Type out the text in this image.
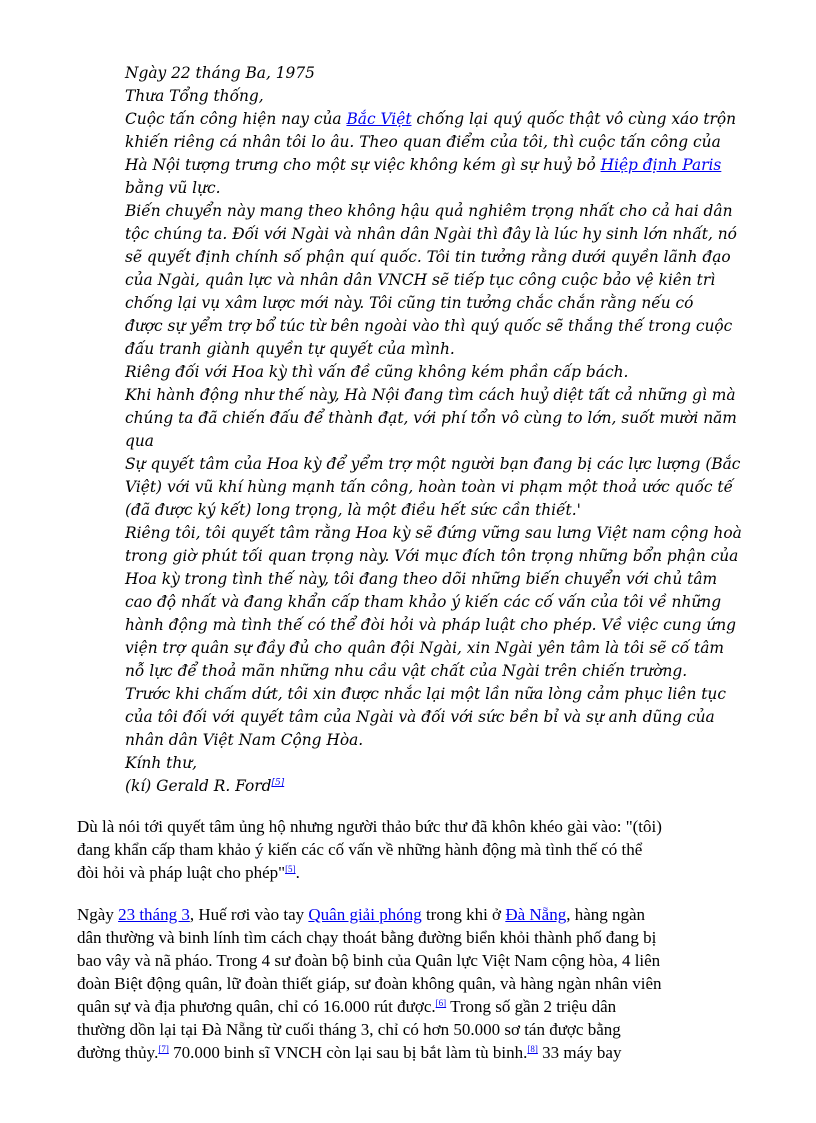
Ngày 22 tháng Ba, 1975
Thưa Tổng thống,
Cuộc tấn công hiện nay của Bắc Việt chống lại quý quốc thật vô cùng xáo trộn
khiến riêng cá nhân tôi lo âu. Theo quan điểm của tôi, thì cuộc tấn công của
Hà Nội tượng trưng cho một sự việc không kém gì sự huỷ bỏ Hiệp định Paris
bằng vũ lực.
Biến chuyển này mang theo không hậu quả nghiêm trọng nhất cho cả hai dân
tộc chúng ta. Đối với Ngài và nhân dân Ngài thì đây là lúc hy sinh lớn nhất, nó
sẽ quyết định chính số phận quí quốc. Tôi tin tưởng rằng dưới quyền lãnh đạo
của Ngài, quân lực và nhân dân VNCH sẽ tiếp tục công cuộc bảo vệ kiên trì
chống lại vụ xâm lược mới này. Tôi cũng tin tưởng chắc chắn rằng nếu có
được sự yểm trợ bổ túc từ bên ngoài vào thì quý quốc sẽ thắng thế trong cuộc
đấu tranh giành quyền tự quyết của mình.
Riêng đối với Hoa kỳ thì vấn đề cũng không kém phần cấp bách.
Khi hành động như thế này, Hà Nội đang tìm cách huỷ diệt tất cả những gì mà
chúng ta đã chiến đấu để thành đạt, với phí tổn vô cùng to lớn, suốt mười năm
qua
Sự quyết tâm của Hoa kỳ để yểm trợ một người bạn đang bị các lực lượng (Bắc
Việt) với vũ khí hùng mạnh tấn công, hoàn toàn vi phạm một thoả ước quốc tế
(đã được ký kết) long trọng, là một điều hết sức cần thiết.'
Riêng tôi, tôi quyết tâm rằng Hoa kỳ sẽ đứng vững sau lưng Việt nam cộng hoà
trong giờ phút tối quan trọng này. Với mục đích tôn trọng những bổn phận của
Hoa kỳ trong tình thế này, tôi đang theo dõi những biến chuyển với chủ tâm
cao độ nhất và đang khẩn cấp tham khảo ý kiến các cố vấn của tôi về những
hành động mà tình thế có thể đòi hỏi và pháp luật cho phép. Về việc cung ứng
viện trợ quân sự đầy đủ cho quân đội Ngài, xin Ngài yên tâm là tôi sẽ cố tâm
nỗ lực để thoả mãn những nhu cầu vật chất của Ngài trên chiến trường.
Trước khi chấm dứt, tôi xin được nhắc lại một lần nữa lòng cảm phục liên tục
của tôi đối với quyết tâm của Ngài và đối với sức bền bỉ và sự anh dũng của
nhân dân Việt Nam Cộng Hòa.
Kính thư,
(kí) Gerald R. Ford[5]
Dù là nói tới quyết tâm ủng hộ nhưng người thảo bức thư đã khôn khéo gài vào: "(tôi)
đang khẩn cấp tham khảo ý kiến các cố vấn về những hành động mà tình thế có thể
đòi hỏi và pháp luật cho phép"[5].
Ngày 23 tháng 3, Huế rơi vào tay Quân giải phóng trong khi ở Đà Nẵng, hàng ngàn
dân thường và binh lính tìm cách chạy thoát bằng đường biển khỏi thành phố đang bị
bao vây và nã pháo. Trong 4 sư đoàn bộ binh của Quân lực Việt Nam cộng hòa, 4 liên
đoàn Biệt động quân, lữ đoàn thiết giáp, sư đoàn không quân, và hàng ngàn nhân viên
quân sự và địa phương quân, chỉ có 16.000 rút được.[6] Trong số gần 2 triệu dân
thường dồn lại tại Đà Nẵng từ cuối tháng 3, chỉ có hơn 50.000 sơ tán được bằng
đường thủy.[7] 70.000 binh sĩ VNCH còn lại sau bị bắt làm tù binh.[8] 33 máy bay
